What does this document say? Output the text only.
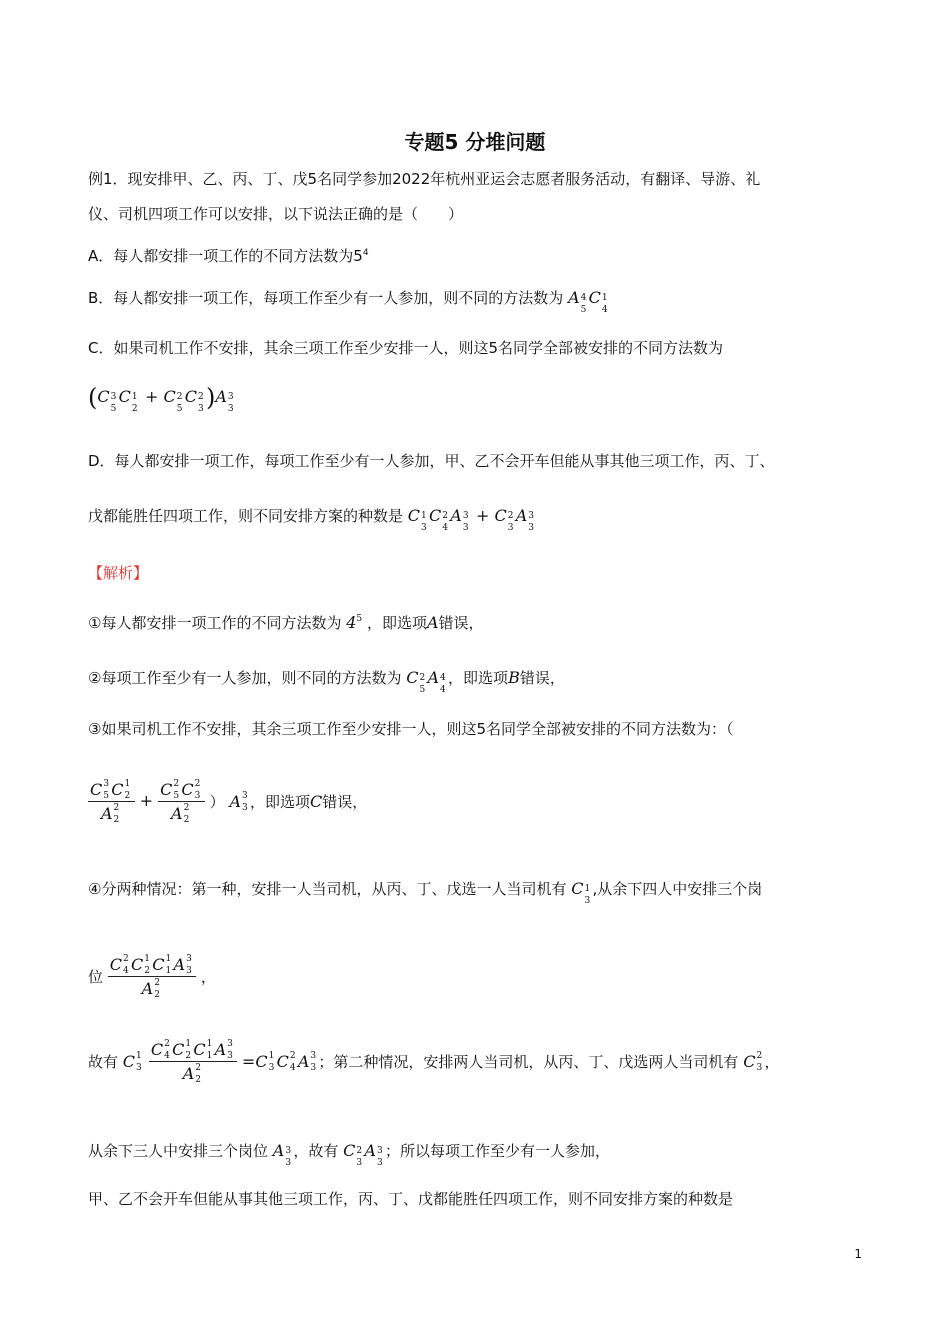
专题5 分堆问题
例1．现安排甲、乙、丙、丁、戊5名同学参加2022年杭州亚运会志愿者服务活动，有翻译、导游、礼
仪、司机四项工作可以安排，以下说法正确的是（　　）
A．每人都安排一项工作的不同方法数为$5^4$
B．每人都安排一项工作，每项工作至少有一人参加，则不同的方法数为 A 4
5
C 1
4
C．如果司机工作不安排，其余三项工作至少安排一人，则这5名同学全部被安排的不同方法数为
(C 3
5
C 1
2
+ C 2
5
C 2
3 )A 3
3
D．每人都安排一项工作，每项工作至少有一人参加，甲、乙不会开车但能从事其他三项工作，丙、丁、
戊都能胜任四项工作，则不同安排方案的种数是 C 1
3
C 2
4
A 3
3
+ C 2
3
A 3
3
【解析】
①每人都安排一项工作的不同方法数为 $4^5$ ，即选项A错误，
②每项工作至少有一人参加，则不同的方法数为 C 2
5
A 4
4
，即选项B错误，
③如果司机工作不安排，其余三项工作至少安排一人，则这5名同学全部被安排的不同方法数为：（
C 3
5 C 1
2
A 2
2 + C 2
5 C 2
3
A 2
2 ） A 3
3 ，即选项C错误，
④分两种情况：第一种，安排一人当司机，从丙、丁、戊选一人当司机有 C 1
3
,从余下四人中安排三个岗
位 C 2
4 C 1
2 C 1
1 A 3
3
A 2
2 ，
故有 C 1
3
C 2
4 C 1
2 C 1
1 A 3
3
A 2
2 =C 1
3 C 2
4 A 3
3 ；第二种情况，安排两人当司机，从丙、丁、戊选两人当司机有 C 2
3 ，
从余下三人中安排三个岗位 A 3
3
，故有 C 2
3
A 3
3
；所以每项工作至少有一人参加，
甲、乙不会开车但能从事其他三项工作，丙、丁、戊都能胜任四项工作，则不同安排方案的种数是
1
